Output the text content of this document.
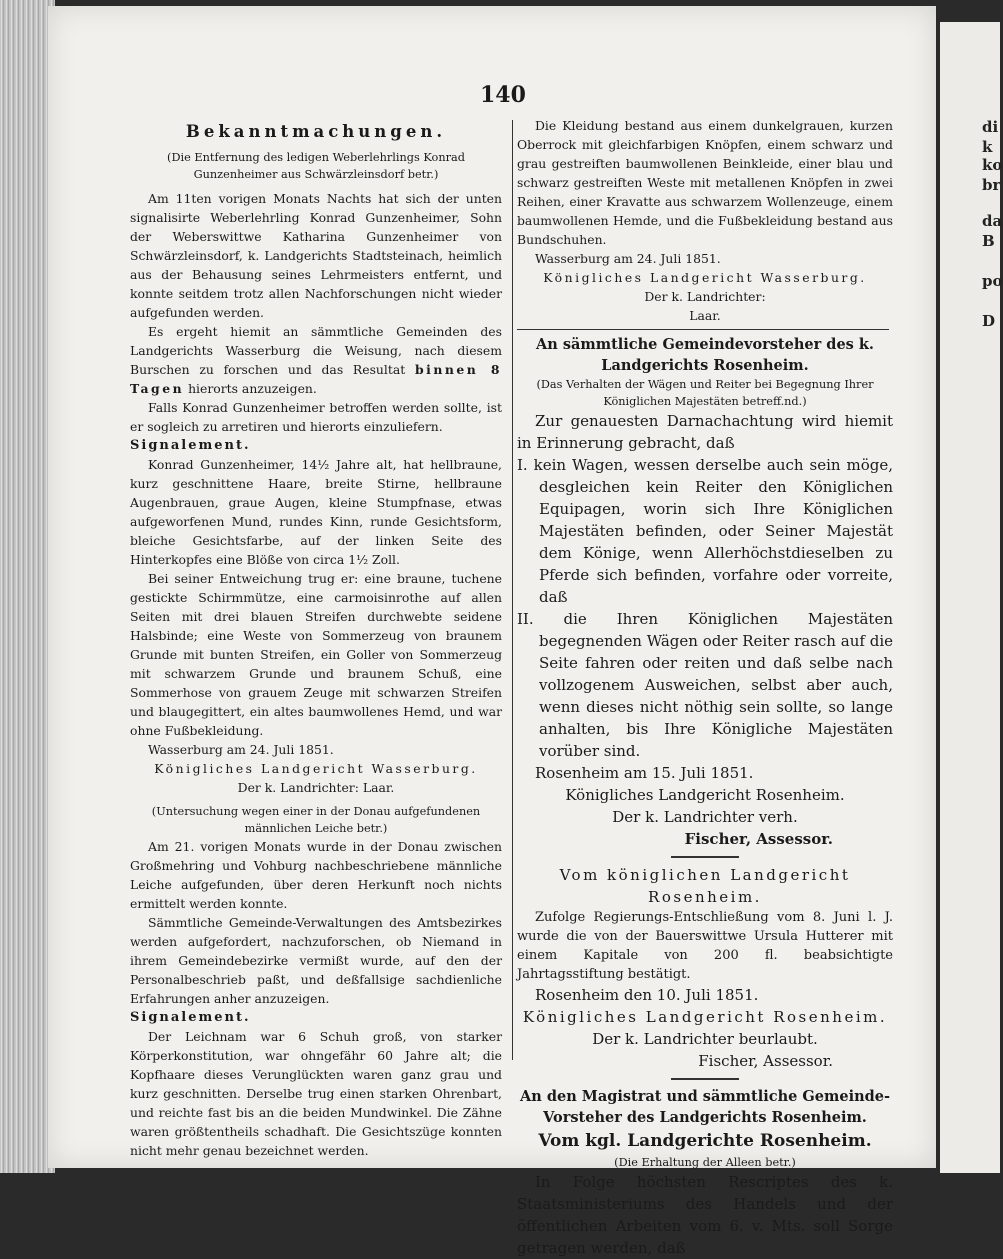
di
k
ko
br
da
B
po
D
140
Bekanntmachungen.

(Die Entfernung des ledigen Weberlehrlings Konrad Gunzenheimer aus Schwärzleinsdorf betr.)

Am 11ten vorigen Monats Nachts hat sich der unten signalisirte Weberlehrling Konrad Gunzenheimer, Sohn der Weberswittwe Katharina Gunzenheimer von Schwärzleinsdorf, k. Landgerichts Stadtsteinach, heimlich aus der Behausung seines Lehrmeisters entfernt, und konnte seitdem trotz allen Nachforschungen nicht wieder aufgefunden werden.

Es ergeht hiemit an sämmtliche Gemeinden des Landgerichts Wasserburg die Weisung, nach diesem Burschen zu forschen und das Resultat binnen 8 Tagen hierorts anzuzeigen.

Falls Konrad Gunzenheimer betroffen werden sollte, ist er sogleich zu arretiren und hierorts einzuliefern.

Signalement.

Konrad Gunzenheimer, 14½ Jahre alt, hat hellbraune, kurz geschnittene Haare, breite Stirne, hellbraune Augenbrauen, graue Augen, kleine Stumpfnase, etwas aufgeworfenen Mund, rundes Kinn, runde Gesichtsform, bleiche Gesichtsfarbe, auf der linken Seite des Hinterkopfes eine Blöße von circa 1½ Zoll.

Bei seiner Entweichung trug er: eine braune, tuchene gestickte Schirmmütze, eine carmoisinrothe auf allen Seiten mit drei blauen Streifen durchwebte seidene Halsbinde; eine Weste von Sommerzeug von braunem Grunde mit bunten Streifen, ein Goller von Sommerzeug mit schwarzem Grunde und braunem Schuß, eine Sommerhose von grauem Zeuge mit schwarzen Streifen und blaugegittert, ein altes baumwollenes Hemd, und war ohne Fußbekleidung.

Wasserburg am 24. Juli 1851.

Königliches Landgericht Wasserburg.

Der k. Landrichter: Laar.

(Untersuchung wegen einer in der Donau aufgefundenen männlichen Leiche betr.)

Am 21. vorigen Monats wurde in der Donau zwischen Großmehring und Vohburg nachbeschriebene männliche Leiche aufgefunden, über deren Herkunft noch nichts ermittelt werden konnte.

Sämmtliche Gemeinde-Verwaltungen des Amtsbezirkes werden aufgefordert, nachzuforschen, ob Niemand in ihrem Gemeindebezirke vermißt wurde, auf den der Personalbeschrieb paßt, und deßfallsige sachdienliche Erfahrungen anher anzuzeigen.

Signalement.

Der Leichnam war 6 Schuh groß, von starker Körperkonstitution, war ohngefähr 60 Jahre alt; die Kopfhaare dieses Verunglückten waren ganz grau und kurz geschnitten. Derselbe trug einen starken Ohrenbart, und reichte fast bis an die beiden Mundwinkel. Die Zähne waren größtentheils schadhaft. Die Gesichtszüge konnten nicht mehr genau bezeichnet werden.

Die Kleidung bestand aus einem dunkelgrauen, kurzen Oberrock mit gleichfarbigen Knöpfen, einem schwarz und grau gestreiften baumwollenen Beinkleide, einer blau und schwarz gestreiften Weste mit metallenen Knöpfen in zwei Reihen, einer Kravatte aus schwarzem Wollenzeuge, einem baumwollenen Hemde, und die Fußbekleidung bestand aus Bundschuhen.

Wasserburg am 24. Juli 1851.

Königliches Landgericht Wasserburg.

Der k. Landrichter:
Laar.

An sämmtliche Gemeindevorsteher des k. Landgerichts Rosenheim.

(Das Verhalten der Wägen und Reiter bei Begegnung Ihrer Königlichen Majestäten betreff.nd.)

Zur genauesten Darnachachtung wird hiemit in Erinnerung gebracht, daß

I. kein Wagen, wessen derselbe auch sein möge, desgleichen kein Reiter den Königlichen Equipagen, worin sich Ihre Königlichen Majestäten befinden, oder Seiner Majestät dem Könige, wenn Allerhöchstdieselben zu Pferde sich befinden, vorfahre oder vorreite, daß

II. die Ihren Königlichen Majestäten begegnenden Wägen oder Reiter rasch auf die Seite fahren oder reiten und daß selbe nach vollzogenem Ausweichen, selbst aber auch, wenn dieses nicht nöthig sein sollte, so lange anhalten, bis Ihre Königliche Majestäten vorüber sind.

Rosenheim am 15. Juli 1851.

Königliches Landgericht Rosenheim.

Der k. Landrichter verh.

Fischer, Assessor.

Vom königlichen Landgericht Rosenheim.

Zufolge Regierungs-Entschließung vom 8. Juni l. J. wurde die von der Bauerswittwe Ursula Hutterer mit einem Kapitale von 200 fl. beabsichtigte Jahrtagsstiftung bestätigt.

Rosenheim den 10. Juli 1851.

Königliches Landgericht Rosenheim.

Der k. Landrichter beurlaubt.

Fischer, Assessor.

An den Magistrat und sämmtliche Gemeinde-Vorsteher des Landgerichts Rosenheim.

Vom kgl. Landgerichte Rosenheim.

(Die Erhaltung der Alleen betr.)

In Folge höchsten Rescriptes des k. Staatsministeriums des Handels und der öffentlichen Arbeiten vom 6. v. Mts. soll Sorge getragen werden, daß
